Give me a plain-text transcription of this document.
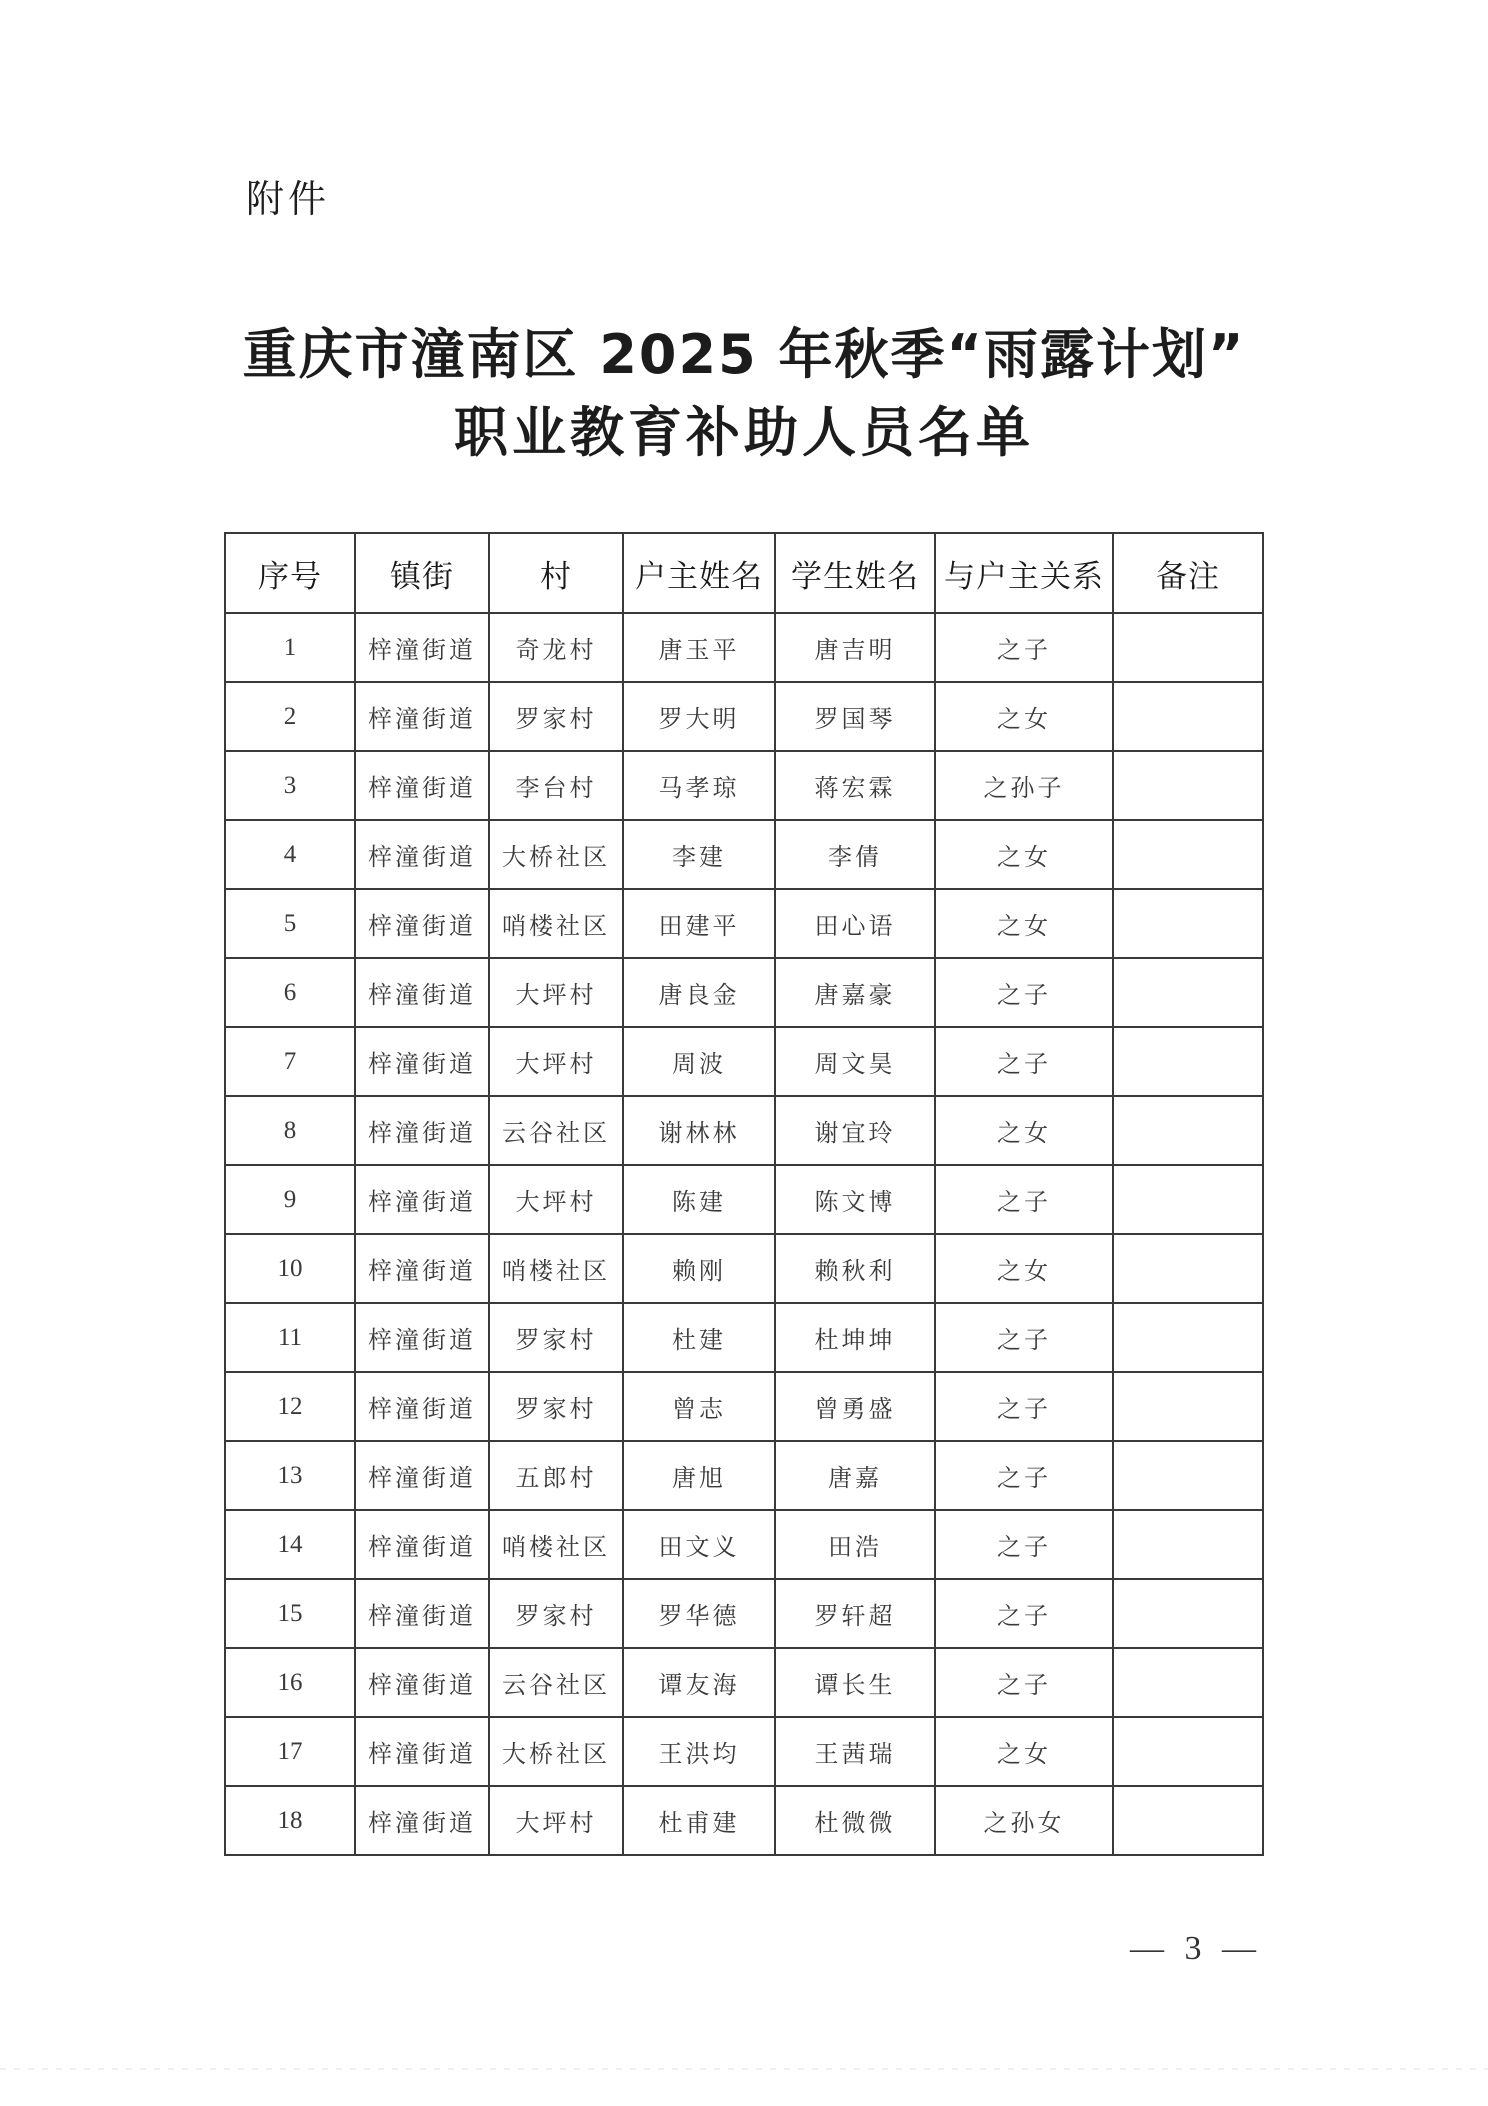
附件
重庆市潼南区 2025 年秋季“雨露计划”
职业教育补助人员名单
序号	镇街	村	户主姓名	学生姓名	与户主关系	备注
1	梓潼街道	奇龙村	唐玉平	唐吉明	之子	
2	梓潼街道	罗家村	罗大明	罗国琴	之女	
3	梓潼街道	李台村	马孝琼	蒋宏霖	之孙子	
4	梓潼街道	大桥社区	李建	李倩	之女	
5	梓潼街道	哨楼社区	田建平	田心语	之女	
6	梓潼街道	大坪村	唐良金	唐嘉豪	之子	
7	梓潼街道	大坪村	周波	周文昊	之子	
8	梓潼街道	云谷社区	谢林林	谢宜玲	之女	
9	梓潼街道	大坪村	陈建	陈文博	之子	
10	梓潼街道	哨楼社区	赖刚	赖秋利	之女	
11	梓潼街道	罗家村	杜建	杜坤坤	之子	
12	梓潼街道	罗家村	曾志	曾勇盛	之子	
13	梓潼街道	五郎村	唐旭	唐嘉	之子	
14	梓潼街道	哨楼社区	田文义	田浩	之子	
15	梓潼街道	罗家村	罗华德	罗轩超	之子	
16	梓潼街道	云谷社区	谭友海	谭长生	之子	
17	梓潼街道	大桥社区	王洪均	王茜瑞	之女	
18	梓潼街道	大坪村	杜甫建	杜微微	之孙女	
— 3 —
